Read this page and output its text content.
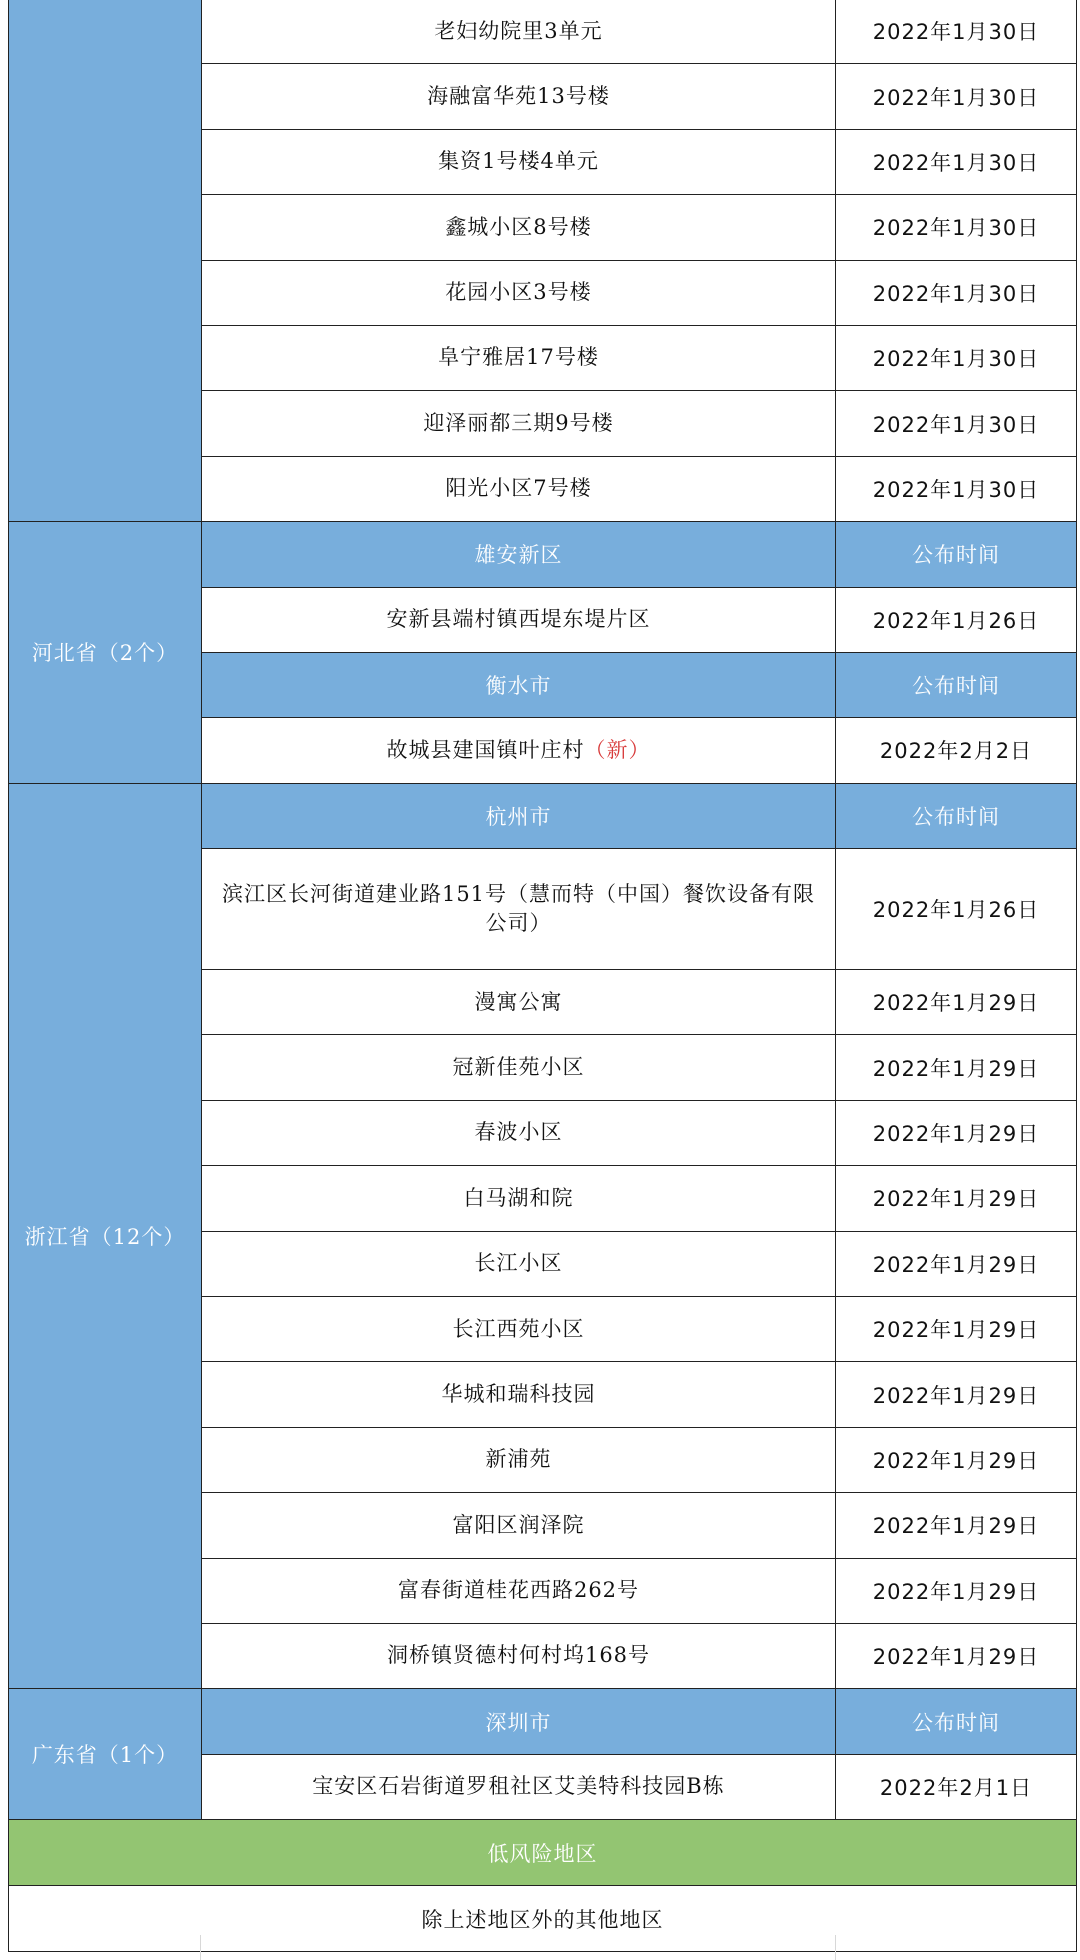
	老妇幼院里3单元	2022年1月30日
	海融富华苑13号楼	2022年1月30日
	集资1号楼4单元	2022年1月30日
	鑫城小区8号楼	2022年1月30日
	花园小区3号楼	2022年1月30日
	阜宁雅居17号楼	2022年1月30日
	迎泽丽都三期9号楼	2022年1月30日
	阳光小区7号楼	2022年1月30日
河北省（2个）	雄安新区	公布时间
	安新县端村镇西堤东堤片区	2022年1月26日
	衡水市	公布时间
	故城县建国镇叶庄村（新）	2022年2月2日
浙江省（12个）	杭州市	公布时间
	滨江区长河街道建业路151号（慧而特（中国）餐饮设备有限公司）	2022年1月26日
	漫寓公寓	2022年1月29日
	冠新佳苑小区	2022年1月29日
	春波小区	2022年1月29日
	白马湖和院	2022年1月29日
	长江小区	2022年1月29日
	长江西苑小区	2022年1月29日
	华城和瑞科技园	2022年1月29日
	新浦苑	2022年1月29日
	富阳区润泽院	2022年1月29日
	富春街道桂花西路262号	2022年1月29日
	洞桥镇贤德村何村坞168号	2022年1月29日
广东省（1个）	深圳市	公布时间
	宝安区石岩街道罗租社区艾美特科技园B栋	2022年2月1日
低风险地区		
除上述地区外的其他地区		
